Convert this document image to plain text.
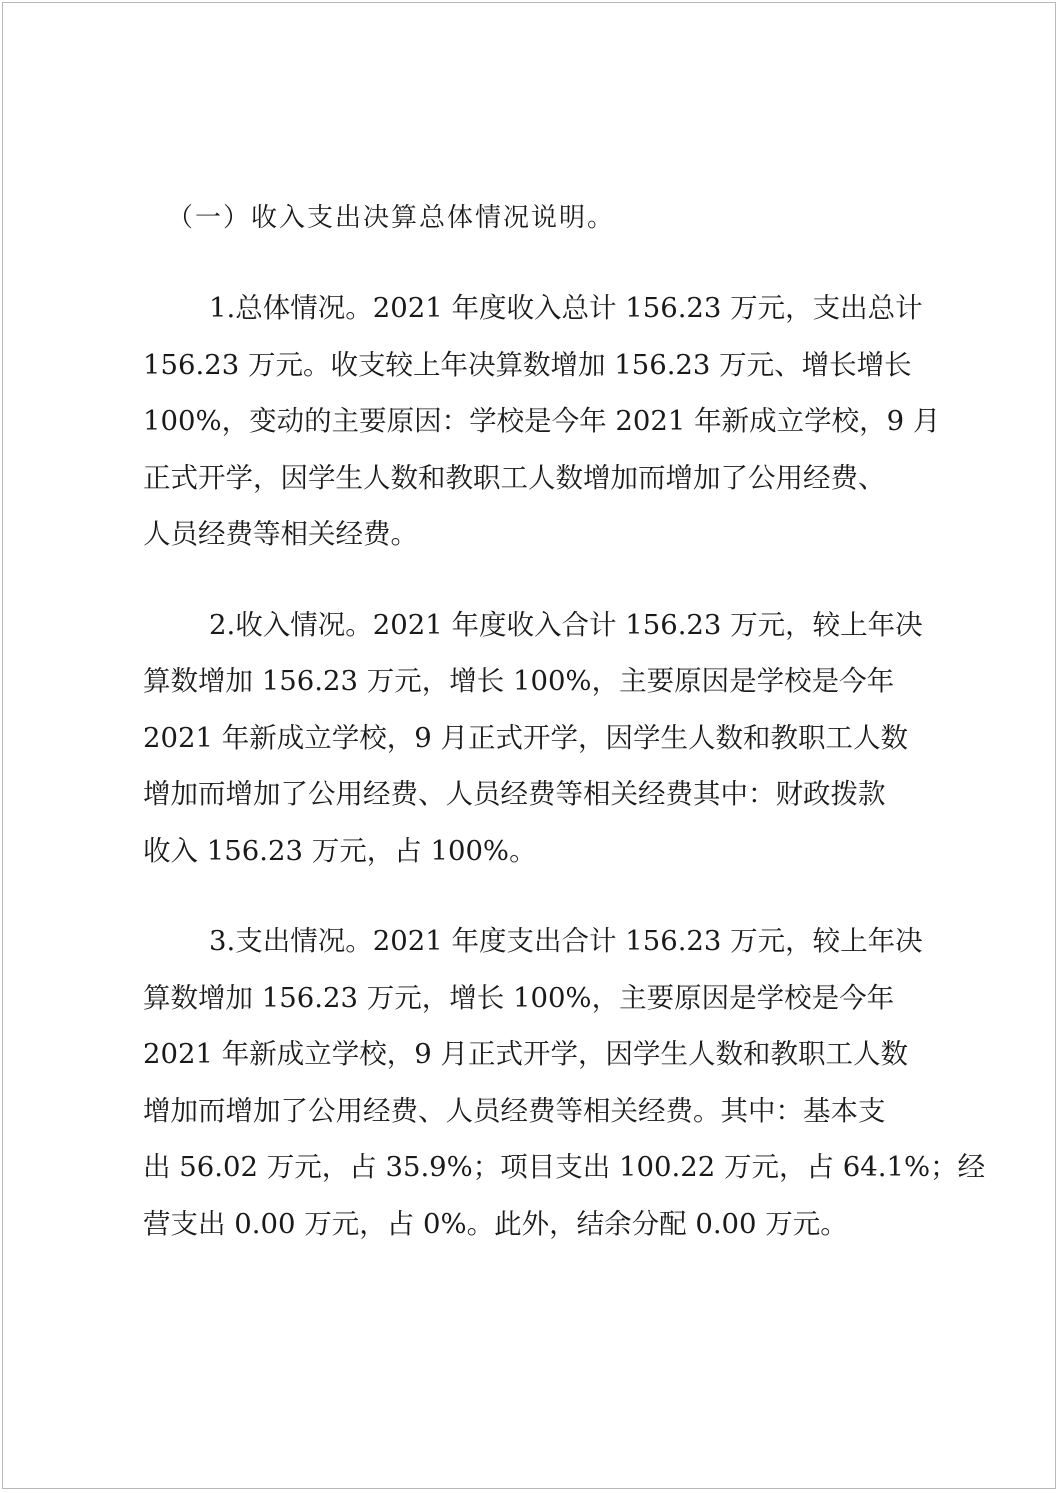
（一）收入支出决算总体情况说明。
1.总体情况。2021 年度收入总计 156.23 万元，支出总计
156.23 万元。收支较上年决算数增加 156.23 万元、增长增长
100%，变动的主要原因：学校是今年 2021 年新成立学校，9 月
正式开学，因学生人数和教职工人数增加而增加了公用经费、
人员经费等相关经费。
2.收入情况。2021 年度收入合计 156.23 万元，较上年决
算数增加 156.23 万元，增长 100%，主要原因是学校是今年
2021 年新成立学校，9 月正式开学，因学生人数和教职工人数
增加而增加了公用经费、人员经费等相关经费其中：财政拨款
收入 156.23 万元，占 100%。
3.支出情况。2021 年度支出合计 156.23 万元，较上年决
算数增加 156.23 万元，增长 100%，主要原因是学校是今年
2021 年新成立学校，9 月正式开学，因学生人数和教职工人数
增加而增加了公用经费、人员经费等相关经费。其中：基本支
出 56.02 万元，占 35.9%；项目支出 100.22 万元，占 64.1%；经
营支出 0.00 万元，占 0%。此外，结余分配 0.00 万元。
